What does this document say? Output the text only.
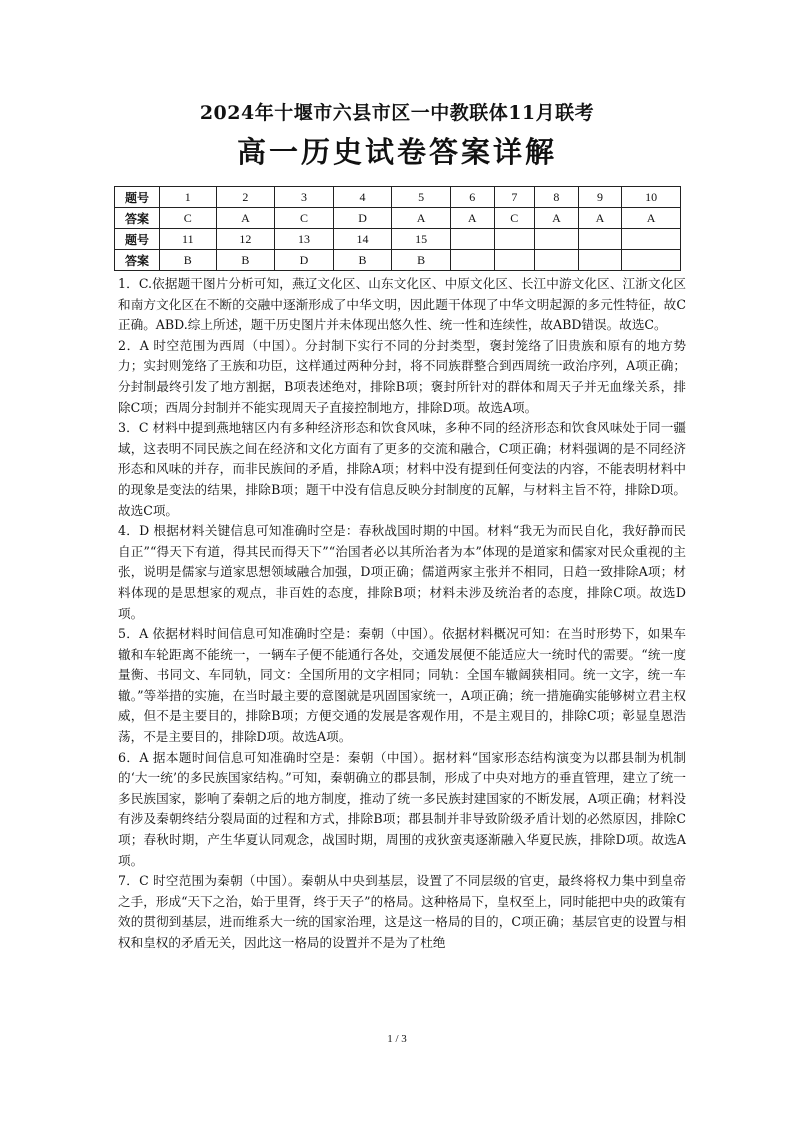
2024年十堰市六县市区一中教联体11月联考
高一历史试卷答案详解
题号	1	2	3	4	5	6	7	8	9	10
答案	C	A	C	D	A	A	C	A	A	A
题号	11	12	13	14	15					
答案	B	B	D	B	B					

1．C.依据题干图片分析可知，燕辽文化区、山东文化区、中原文化区、长江中游文化区、江浙文化区和南方文化区在不断的交融中逐渐形成了中华文明，因此题干体现了中华文明起源的多元性特征，故C正确。ABD.综上所述，题干历史图片并未体现出悠久性、统一性和连续性，故ABD错误。故选C。

2．A 时空范围为西周（中国）。分封制下实行不同的分封类型，褒封笼络了旧贵族和原有的地方势力；实封则笼络了王族和功臣，这样通过两种分封，将不同族群整合到西周统一政治序列，A项正确；分封制最终引发了地方割据，B项表述绝对，排除B项；褒封所针对的群体和周天子并无血缘关系，排除C项；西周分封制并不能实现周天子直接控制地方，排除D项。故选A项。

3．C 材料中提到燕地辖区内有多种经济形态和饮食风味，多种不同的经济形态和饮食风味处于同一疆域，这表明不同民族之间在经济和文化方面有了更多的交流和融合，C项正确；材料强调的是不同经济形态和风味的并存，而非民族间的矛盾，排除A项；材料中没有提到任何变法的内容，不能表明材料中的现象是变法的结果，排除B项；题干中没有信息反映分封制度的瓦解，与材料主旨不符，排除D项。故选C项。

4．D 根据材料关键信息可知准确时空是：春秋战国时期的中国。材料“我无为而民自化，我好静而民自正”“得天下有道，得其民而得天下”“治国者必以其所治者为本”体现的是道家和儒家对民众重视的主张，说明是儒家与道家思想领域融合加强，D项正确；儒道两家主张并不相同，日趋一致排除A项；材料体现的是思想家的观点，非百姓的态度，排除B项；材料未涉及统治者的态度，排除C项。故选D项。

5．A 依据材料时间信息可知准确时空是：秦朝（中国）。依据材料概况可知：在当时形势下，如果车辙和车轮距离不能统一，一辆车子便不能通行各处，交通发展便不能适应大一统时代的需要。“统一度量衡、书同文、车同轨，同文：全国所用的文字相同；同轨：全国车辙阔狭相同。统一文字，统一车辙。”等举措的实施，在当时最主要的意图就是巩固国家统一，A项正确；统一措施确实能够树立君主权威，但不是主要目的，排除B项；方便交通的发展是客观作用，不是主观目的，排除C项；彰显皇恩浩荡，不是主要目的，排除D项。故选A项。

6．A 据本题时间信息可知准确时空是：秦朝（中国）。据材料“国家形态结构演变为以郡县制为机制的‘大一统’的多民族国家结构。”可知，秦朝确立的郡县制，形成了中央对地方的垂直管理，建立了统一多民族国家，影响了秦朝之后的地方制度，推动了统一多民族封建国家的不断发展，A项正确；材料没有涉及秦朝终结分裂局面的过程和方式，排除B项；郡县制并非导致阶级矛盾计划的必然原因，排除C项；春秋时期，产生华夏认同观念，战国时期，周围的戎狄蛮夷逐渐融入华夏民族，排除D项。故选A项。

7．C 时空范围为秦朝（中国）。秦朝从中央到基层，设置了不同层级的官吏，最终将权力集中到皇帝之手，形成“天下之治，始于里胥，终于天子”的格局。这种格局下，皇权至上，同时能把中央的政策有效的贯彻到基层，进而维系大一统的国家治理，这是这一格局的目的，C项正确；基层官吏的设置与相权和皇权的矛盾无关，因此这一格局的设置并不是为了杜绝

1 / 3
